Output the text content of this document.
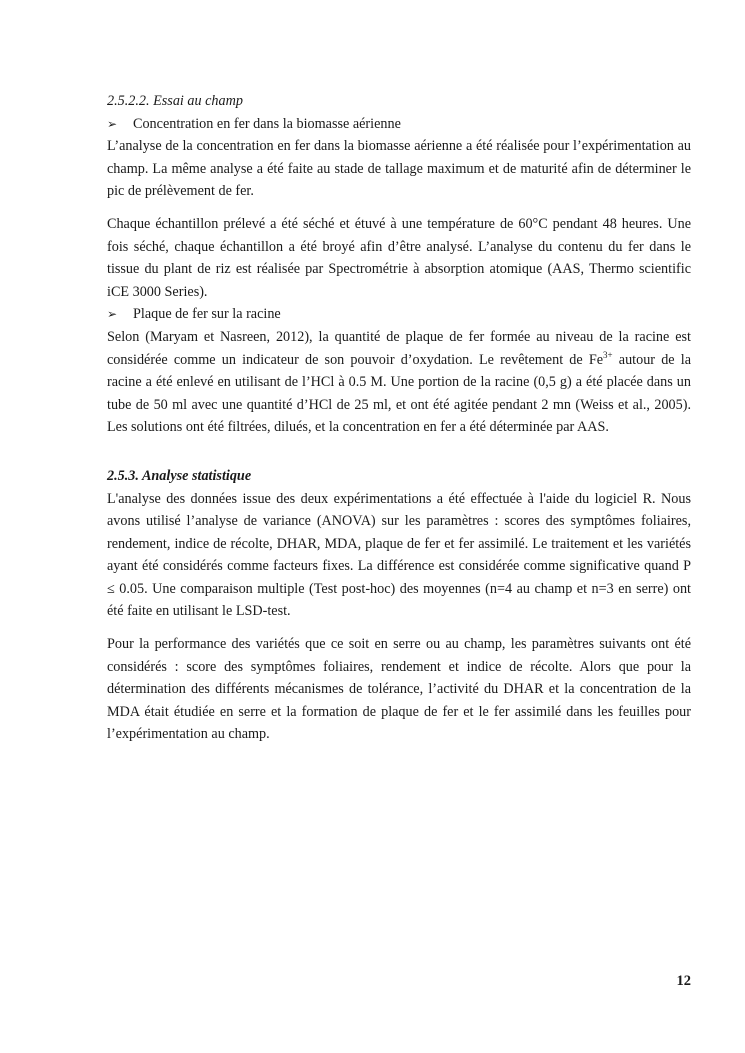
2.5.2.2. Essai au champ

➢	Concentration en fer dans la biomasse aérienne

L’analyse de la concentration en fer dans la biomasse aérienne a été réalisée pour l’expérimentation au champ. La même analyse a été faite au stade de tallage maximum et de maturité afin de déterminer le pic de prélèvement de fer.

Chaque échantillon prélevé a été séché et étuvé à une température de 60°C pendant 48 heures. Une fois séché, chaque échantillon a été broyé afin d’être analysé. L’analyse du contenu du fer dans le tissue du plant de riz est réalisée par Spectrométrie à absorption atomique (AAS, Thermo scientific iCE 3000 Series).

➢	Plaque de fer sur la racine

Selon (Maryam et Nasreen, 2012), la quantité de plaque de fer formée au niveau de la racine est considérée comme un indicateur de son pouvoir d’oxydation. Le revêtement de $Fe^{3+}$ autour de la racine a été enlevé en utilisant de l’HCl à 0.5 M. Une portion de la racine (0,5 g) a été placée dans un tube de 50 ml avec une quantité d’HCl de 25 ml, et ont été agitée pendant 2 mn (Weiss et al., 2005). Les solutions ont été filtrées, dilués, et la concentration en fer a été déterminée par AAS.

2.5.3. Analyse statistique

L'analyse des données issue des deux expérimentations a été effectuée à l'aide du logiciel R. Nous avons utilisé l’analyse de variance (ANOVA) sur les paramètres : scores des symptômes foliaires, rendement, indice de récolte, DHAR, MDA, plaque de fer et fer assimilé. Le traitement et les variétés ayant été considérés comme facteurs fixes. La différence est considérée comme significative quand P ≤ 0.05. Une comparaison multiple (Test post-hoc) des moyennes (n=4 au champ et n=3 en serre) ont été faite en utilisant le LSD-test.

Pour la performance des variétés que ce soit en serre ou au champ, les paramètres suivants ont été considérés : score des symptômes foliaires, rendement et indice de récolte. Alors que pour la détermination des différents mécanismes de tolérance, l’activité du DHAR et la concentration de la MDA était étudiée en serre et la formation de plaque de fer et le fer assimilé dans les feuilles pour l’expérimentation au champ.

12
